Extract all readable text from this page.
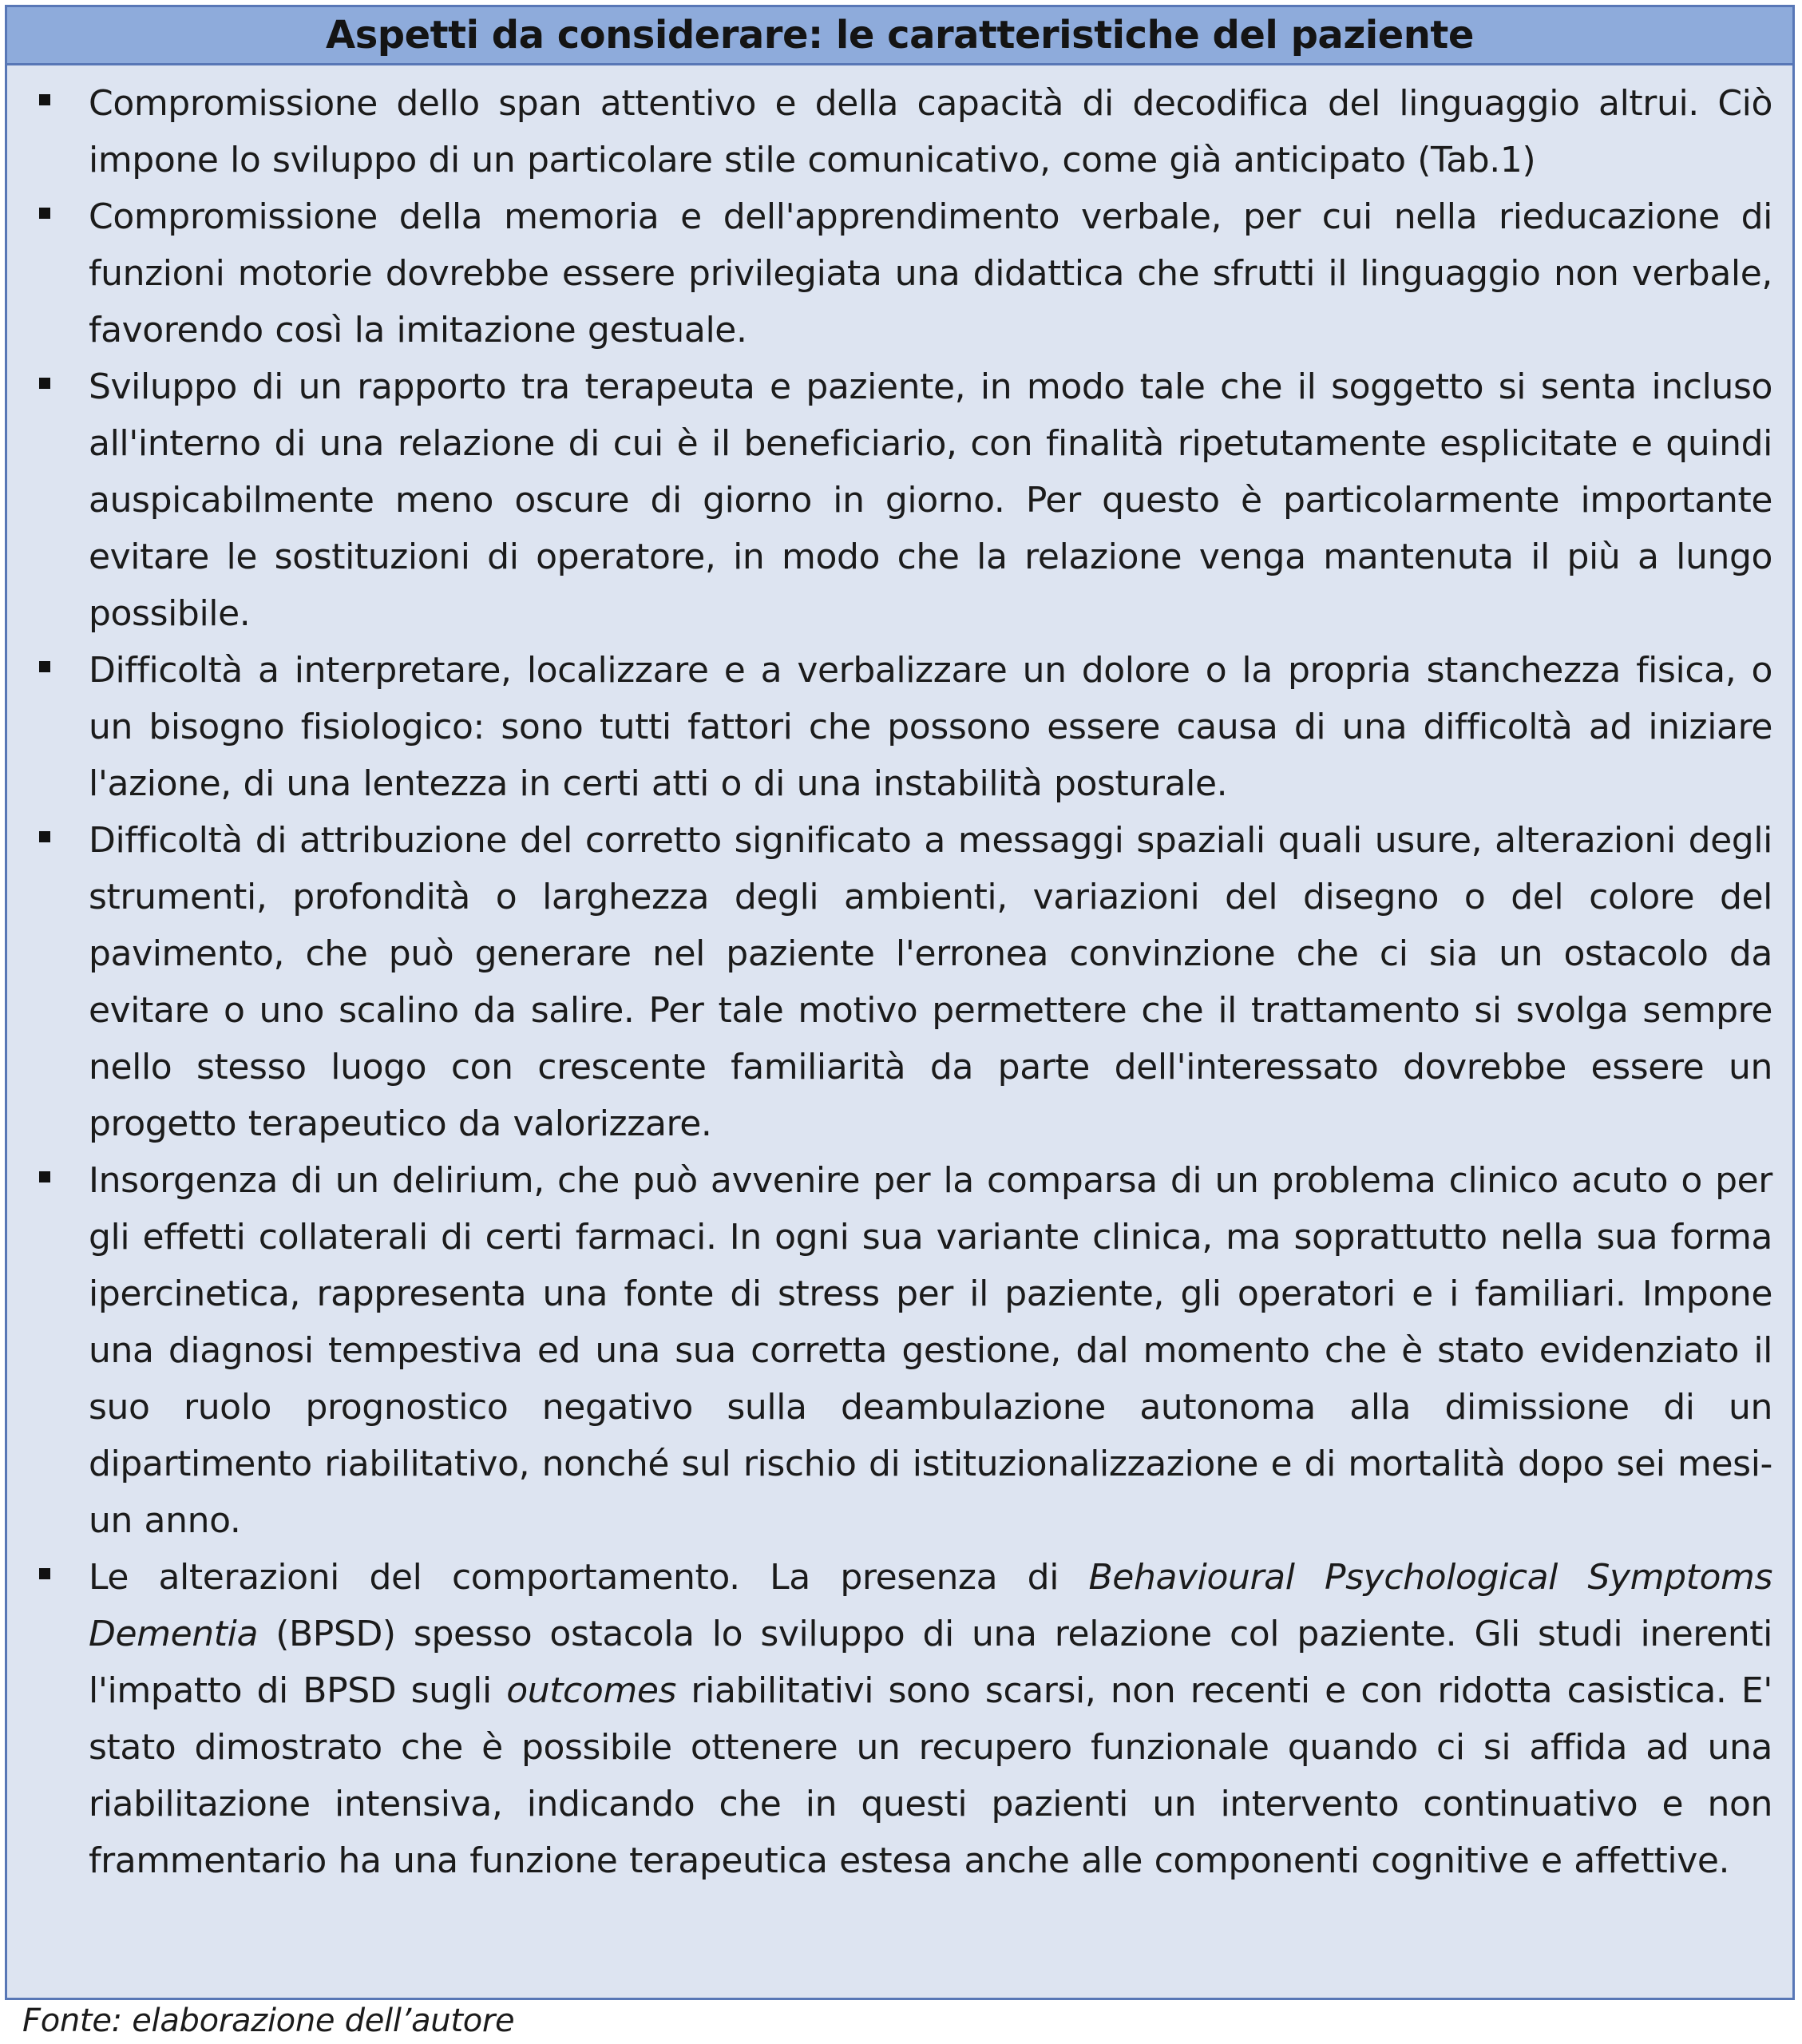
Aspetti da considerare: le caratteristiche del paziente
Compromissione dello span attentivo e della capacità di decodifica del linguaggio altrui. Ciò impone lo sviluppo di un particolare stile comunicativo, come già anticipato (Tab.1)
Compromissione della memoria e dell'apprendimento verbale, per cui nella rieducazione di funzioni motorie dovrebbe essere privilegiata una didattica che sfrutti il linguaggio non verbale, favorendo così la imitazione gestuale.
Sviluppo di un rapporto tra terapeuta e paziente, in modo tale che il soggetto si senta incluso all'interno di una relazione di cui è il beneficiario, con finalità ripetutamente esplicitate e quindi auspicabilmente meno oscure di giorno in giorno. Per questo è particolarmente importante evitare le sostituzioni di operatore, in modo che la relazione venga mantenuta il più a lungo possibile.
Difficoltà a interpretare, localizzare e a verbalizzare un dolore o la propria stanchezza fisica, o un bisogno fisiologico: sono tutti fattori che possono essere causa di una difficoltà ad iniziare l'azione, di una lentezza in certi atti o di una instabilità posturale.
Difficoltà di attribuzione del corretto significato a messaggi spaziali quali usure, alterazioni degli strumenti, profondità o larghezza degli ambienti, variazioni del disegno o del colore del pavimento, che può generare nel paziente l'erronea convinzione che ci sia un ostacolo da evitare o uno scalino da salire. Per tale motivo permettere che il trattamento si svolga sempre nello stesso luogo con crescente familiarità da parte dell'interessato dovrebbe essere un progetto terapeutico da valorizzare.
Insorgenza di un delirium, che può avvenire per la comparsa di un problema clinico acuto o per gli effetti collaterali di certi farmaci. In ogni sua variante clinica, ma soprattutto nella sua forma ipercinetica, rappresenta una fonte di stress per il paziente, gli operatori e i familiari. Impone una diagnosi tempestiva ed una sua corretta gestione, dal momento che è stato evidenziato il suo ruolo prognostico negativo sulla deambulazione autonoma alla dimissione di un dipartimento riabilitativo, nonché sul rischio di istituzionalizzazione e di mortalità dopo sei mesi-un anno.
Le alterazioni del comportamento. La presenza di Behavioural Psychological Symptoms Dementia (BPSD) spesso ostacola lo sviluppo di una relazione col paziente. Gli studi inerenti l'impatto di BPSD sugli outcomes riabilitativi sono scarsi, non recenti e con ridotta casistica. E' stato dimostrato che è possibile ottenere un recupero funzionale quando ci si affida ad una riabilitazione intensiva, indicando che in questi pazienti un intervento continuativo e non frammentario ha una funzione terapeutica estesa anche alle componenti cognitive e affettive.
Fonte: elaborazione dell’autore
